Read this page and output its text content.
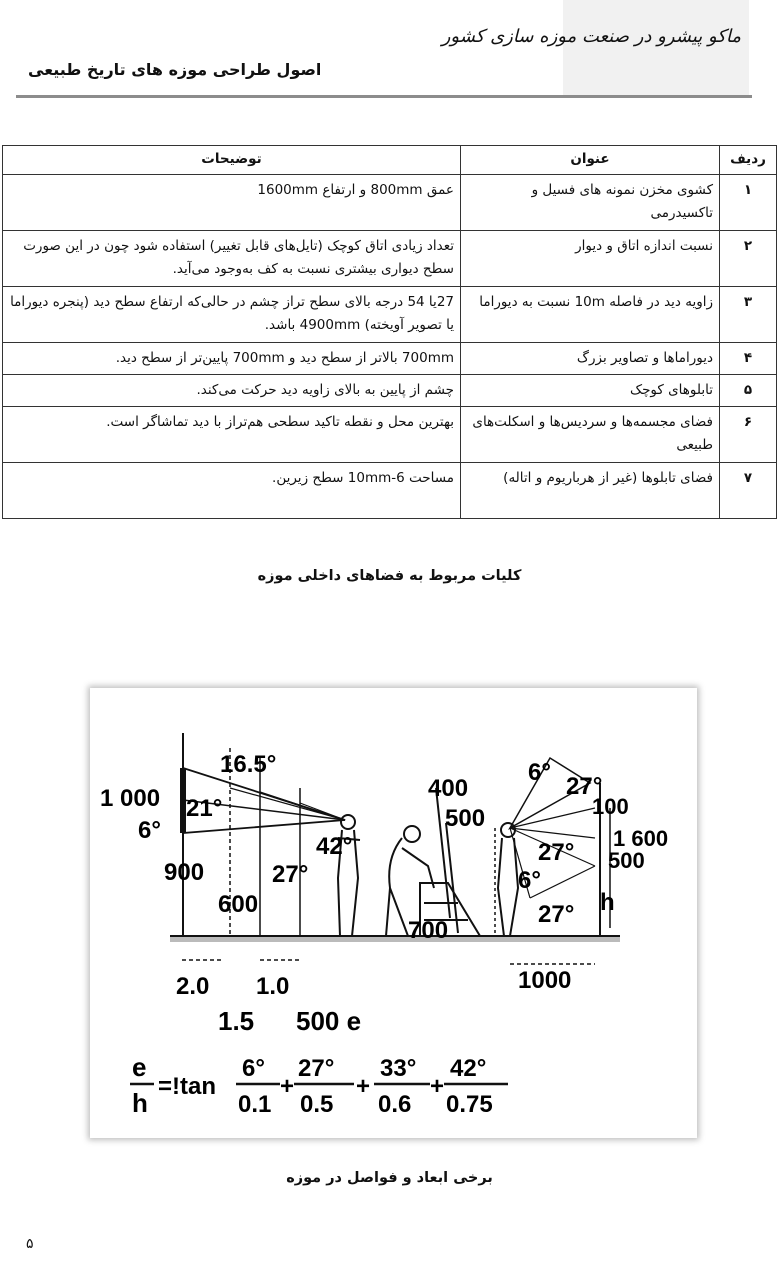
ماکو پیشرو در صنعت موزه سازی کشور
اصول طراحی موزه های تاریخ طبیعی
ردیف	عنوان	توضیحات
۱	کشوی مخزن نمونه های فسیل و تاکسیدرمی	عمق 800mm و ارتفاع 1600mm
۲	نسبت اندازه اتاق و دیوار	تعداد زیادی اتاق کوچک (تایل‌های قابل تغییر) استفاده شود چون در این صورت سطح دیواری بیشتری نسبت به کف به‌وجود می‌آید.
۳	زاویه دید در فاصله 10m نسبت به دیوراما	27یا 54 درجه بالای سطح تراز چشم در حالی‌که ارتفاع سطح دید (پنجره دیوراما یا تصویر آویخته) 4900mm باشد.
۴	دیوراماها و تصاویر بزرگ	700mm بالاتر از سطح دید و 700mm پایین‌تر از سطح دید.
۵	تابلوهای کوچک	چشم از پایین به بالای زاویه دید حرکت می‌کند.
۶	فضای مجسمه‌ها و سردیس‌ها و اسکلت‌های طبیعی	بهترین محل و نقطه تاکید سطحی هم‌تراز با دید تماشاگر است.
۷	فضای تابلوها (غیر از هرباریوم و اتاله)	مساحت 6-10mm سطح زیرین.
کلیات مربوط به فضاهای داخلی موزه
16.5°
1 000 21°
6°
42°
900	27°
600
400
500
700
6°
27°
100
1 600
500
27°
6°
27° h
2.0 1.0	1000
1.5 500 e
e
h
=!tan
6°
0.1
+
27°
0.5
+
33°
0.6
+
42°
0.75
برخی ابعاد و فواصل در موزه
۵
